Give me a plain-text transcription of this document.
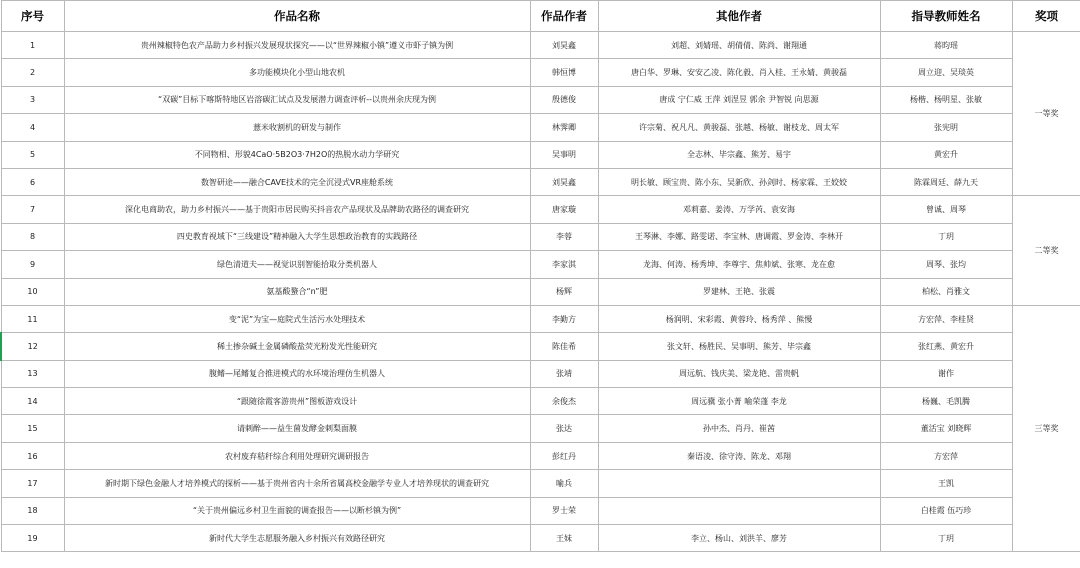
序号	作品名称	作品作者	其他作者	指导教师姓名	奖项
1	贵州辣椒特色农产品助力乡村振兴发展现状探究——以“世界辣椒小镇”遵义市虾子镇为例	刘昊鑫	刘超、刘婧瑶、胡倩倩、陈尚、谢翔通	蒋昀瑶	一等奖
2	多功能模块化小型山地农机	韩恒博	唐白华、罗琳、安安乙凌、陈化毅、肖入桂、王永婧、黄骏磊	周立迎、吴琰英	
3	“双碳”目标下喀斯特地区岩溶碳汇试点及发展潜力调查评析--以贵州余庆现为例	殷德俊	唐成 宁仁威 王萍 刘涅昱 郭余 尹智锐 向思源	杨楷、杨明星、张敏	
4	薏米收割机的研发与制作	林霁卿	许宗菊、祝凡凡、黄骏磊、张越、杨敏、谢枝龙、周太军	张宪明	
5	不同物相、形貌4CaO·5B2O3·7H2O的热脱水动力学研究	吴事明	全志林、毕宗鑫、熊芳、易宇	黄宏升	
6	数智研途——融合CAVE技术的完全沉浸式VR座舱系统	刘昊鑫	明长敏、顾宝贵、陈小东、吴新欣、孙剑时、杨家霖、王姣姣	陈霖周廷、薛九天	
7	深化电商助农，助力乡村振兴——基于贵阳市居民购买抖音农产品现状及品牌助农路径的调查研究	唐家璇	邓莉嘉、姜涛、万学芮、袁安海	曾诚、周琴	二等奖
8	四史教育视域下“三线建设”精神融入大学生思想政治教育的实践路径	李蓉	王琴淋、李娜、路雯诺、李宝林、唐调霞、罗金涛、李林开	丁玥	
9	绿色清道夫——视觉识别智能拾取分类机器人	李家淇	龙海、何涛、杨秀坤、李尊宇、焦帅斌、张寒、龙在愈	周琴、张均	
10	氨基酸螯合“n”肥	杨辉	罗建林、王艳、张震	柏松、肖雅文	
11	变“泥”为宝—庭院式生活污水处理技术	李勤方	杨润明、宋彩霞、黄蓉玲、杨秀萍 、熊慢	方宏萍、李桂贤	三等奖
12	稀土掺杂碱土金属磷酸盐荧光粉发光性能研究	陈佳希	张文轩、杨胜民、吴事明、熊芳、毕宗鑫	张红燕、黄宏升	
13	腹鳍—尾鳍复合推进模式的水环境治理仿生机器人	张靖	周远航、钱庆美、梁龙艳、雷贵帆	谢作	
14	“跟随徐霞客游贵州”图板游戏设计	余俊杰	周远骥 张小菁 喻荣蓬 李龙	杨巍、毛凯腾	
15	请刺醉——益生菌发酵金刺梨面膜	张达	孙中杰、肖丹、崔茜	董活宝 刘晓辉	
16	农村废弃秸秆综合利用处理研究调研报告	彭红丹	秦语凌、徐守涛、陈龙、邓翔	方宏萍	
17	新时期下绿色金融人才培养模式的探析——基于贵州省内十余所省属高校金融学专业人才培养现状的调查研究	喻兵		王凯	
18	“关于贵州偏远乡村卫生面貌的调查报告——以断杉镇为例”	罗士荣		白桂霞 伍巧珍	
19	新时代大学生志愿服务融入乡村振兴有效路径研究	王妹	李立、杨山、刘洪羊、廖芳	丁玥	
